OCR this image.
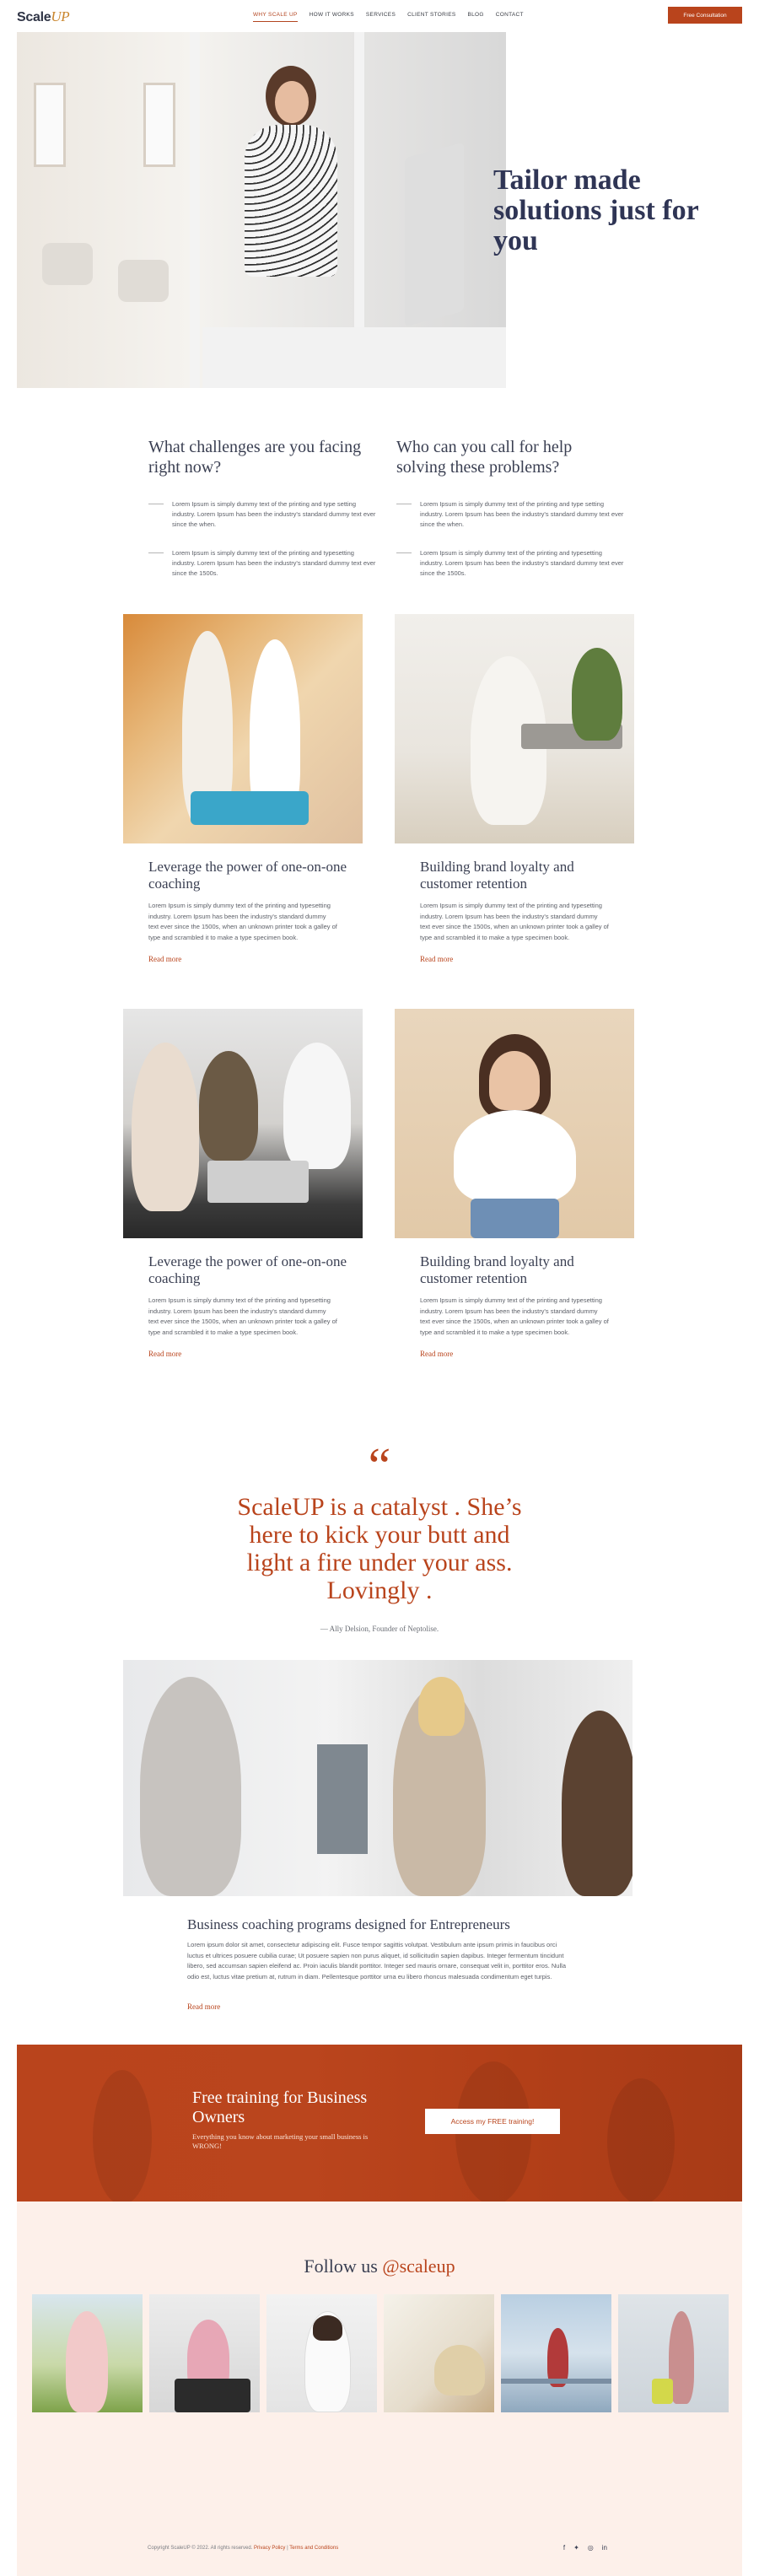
ScaleUP	WHY SCALE UP HOW IT WORKS SERVICES CLIENT STORIES BLOG CONTACT	Free Consultation
Tailor made solutions just for you
What challenges are you facing right now?

Lorem Ipsum is simply dummy text of the printing and type setting industry. Lorem Ipsum has been the industry's standard dummy text ever since the when.

Lorem Ipsum is simply dummy text of the printing and typesetting industry. Lorem Ipsum has been the industry's standard dummy text ever since the 1500s.

Who can you call for help solving these problems?

Lorem Ipsum is simply dummy text of the printing and type setting industry. Lorem Ipsum has been the industry's standard dummy text ever since the when.

Lorem Ipsum is simply dummy text of the printing and typesetting industry. Lorem Ipsum has been the industry's standard dummy text ever since the 1500s.

Leverage the power of one-on-one coaching

Lorem Ipsum is simply dummy text of the printing and typesetting industry. Lorem Ipsum has been the industry's standard dummy text ever since the 1500s, when an unknown printer took a galley of type and scrambled it to make a type specimen book.

Read more
Building brand loyalty and customer retention

Lorem Ipsum is simply dummy text of the printing and typesetting industry. Lorem Ipsum has been the industry's standard dummy text ever since the 1500s, when an unknown printer took a galley of type and scrambled it to make a type specimen book.

Read more
Leverage the power of one-on-one coaching

Lorem Ipsum is simply dummy text of the printing and typesetting industry. Lorem Ipsum has been the industry's standard dummy text ever since the 1500s, when an unknown printer took a galley of type and scrambled it to make a type specimen book.

Read more
Building brand loyalty and customer retention

Lorem Ipsum is simply dummy text of the printing and typesetting industry. Lorem Ipsum has been the industry's standard dummy text ever since the 1500s, when an unknown printer took a galley of type and scrambled it to make a type specimen book.

Read more
“
ScaleUP is a catalyst . She’s here to kick your butt and light a fire under your ass. Lovingly .
— Ally Delsion, Founder of Neptolise.
Business coaching programs designed for Entrepreneurs

Lorem ipsum dolor sit amet, consectetur adipiscing elit. Fusce tempor sagittis volutpat. Vestibulum ante ipsum primis in faucibus orci luctus et ultrices posuere cubilia curae; Ut posuere sapien non purus aliquet, id sollicitudin sapien dapibus. Integer fermentum tincidunt libero, sed accumsan sapien eleifend ac. Proin iaculis blandit porttitor. Integer sed mauris ornare, consequat velit in, porttitor eros. Nulla odio est, luctus vitae pretium at, rutrum in diam. Pellentesque porttitor urna eu libero rhoncus malesuada condimentum eget turpis.

Read more
Free training for Business Owners

Everything you know about marketing your small business is WRONG!

Access my FREE training!
Follow us @scaleup
Copyright ScaleUP © 2022. All rights reserved. Privacy Policy | Terms and Conditions	f ✦ ◎ in
